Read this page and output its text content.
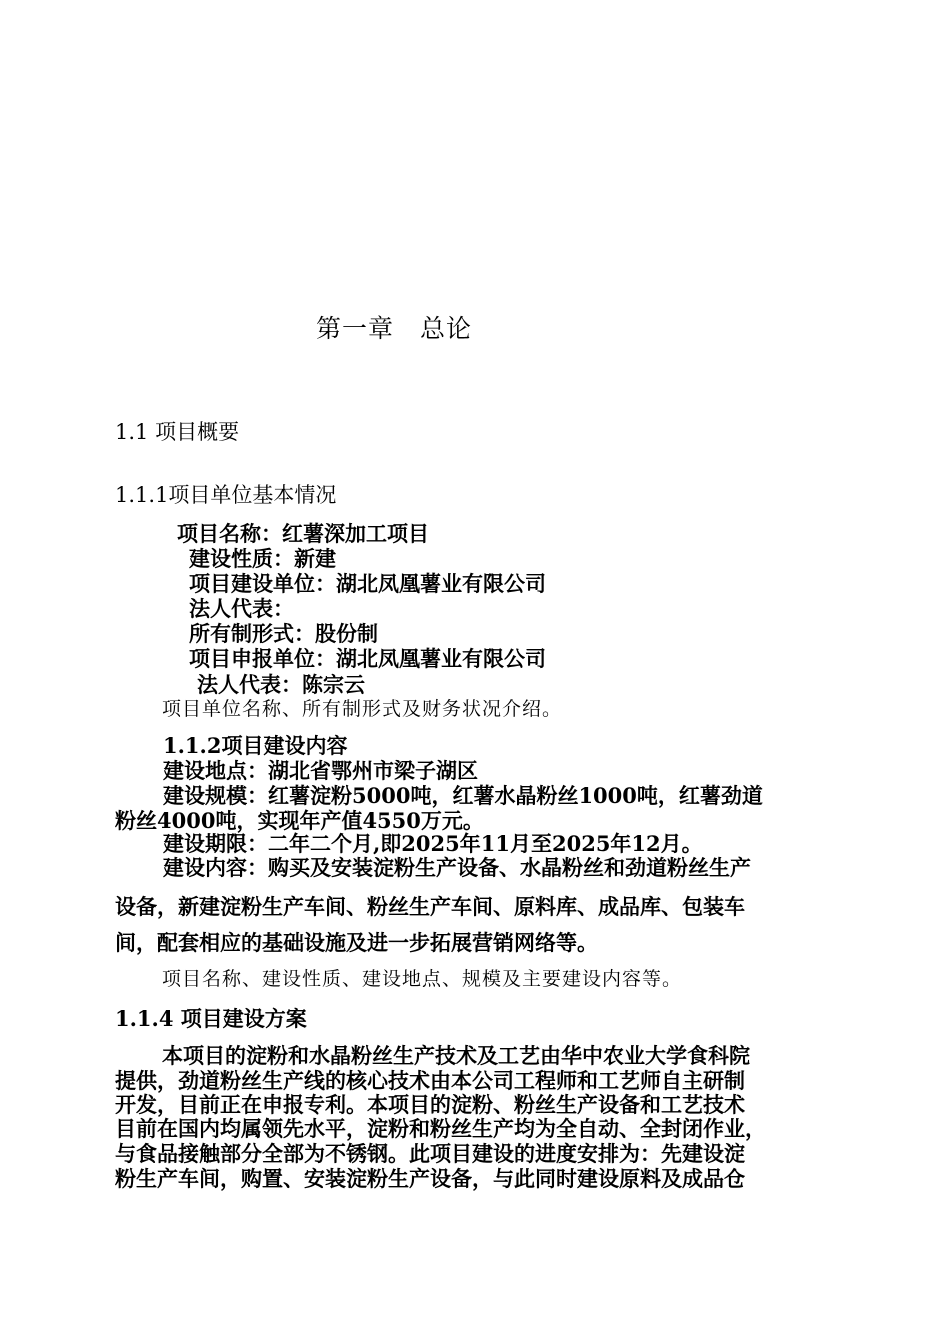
第一章　总论
1.1 项目概要
1.1.1项目单位基本情况
项目名称：红薯深加工项目
建设性质：新建
项目建设单位：湖北凤凰薯业有限公司
法人代表：
所有制形式：股份制
项目申报单位：湖北凤凰薯业有限公司
法人代表：陈宗云
项目单位名称、所有制形式及财务状况介绍。
1.1.2项目建设内容
建设地点：湖北省鄂州市梁子湖区
建设规模：红薯淀粉5000吨，红薯水晶粉丝1000吨，红薯劲道
粉丝4000吨，实现年产值4550万元。
建设期限：二年二个月,即2025年11月至2025年12月。
建设内容：购买及安装淀粉生产设备、水晶粉丝和劲道粉丝生产
设备，新建淀粉生产车间、粉丝生产车间、原料库、成品库、包装车
间，配套相应的基础设施及进一步拓展营销网络等。
项目名称、建设性质、建设地点、规模及主要建设内容等。
1.1.4 项目建设方案
本项目的淀粉和水晶粉丝生产技术及工艺由华中农业大学食科院
提供，劲道粉丝生产线的核心技术由本公司工程师和工艺师自主研制
开发，目前正在申报专利。本项目的淀粉、粉丝生产设备和工艺技术
目前在国内均属领先水平，淀粉和粉丝生产均为全自动、全封闭作业，
与食品接触部分全部为不锈钢。此项目建设的进度安排为：先建设淀
粉生产车间，购置、安装淀粉生产设备，与此同时建设原料及成品仓
